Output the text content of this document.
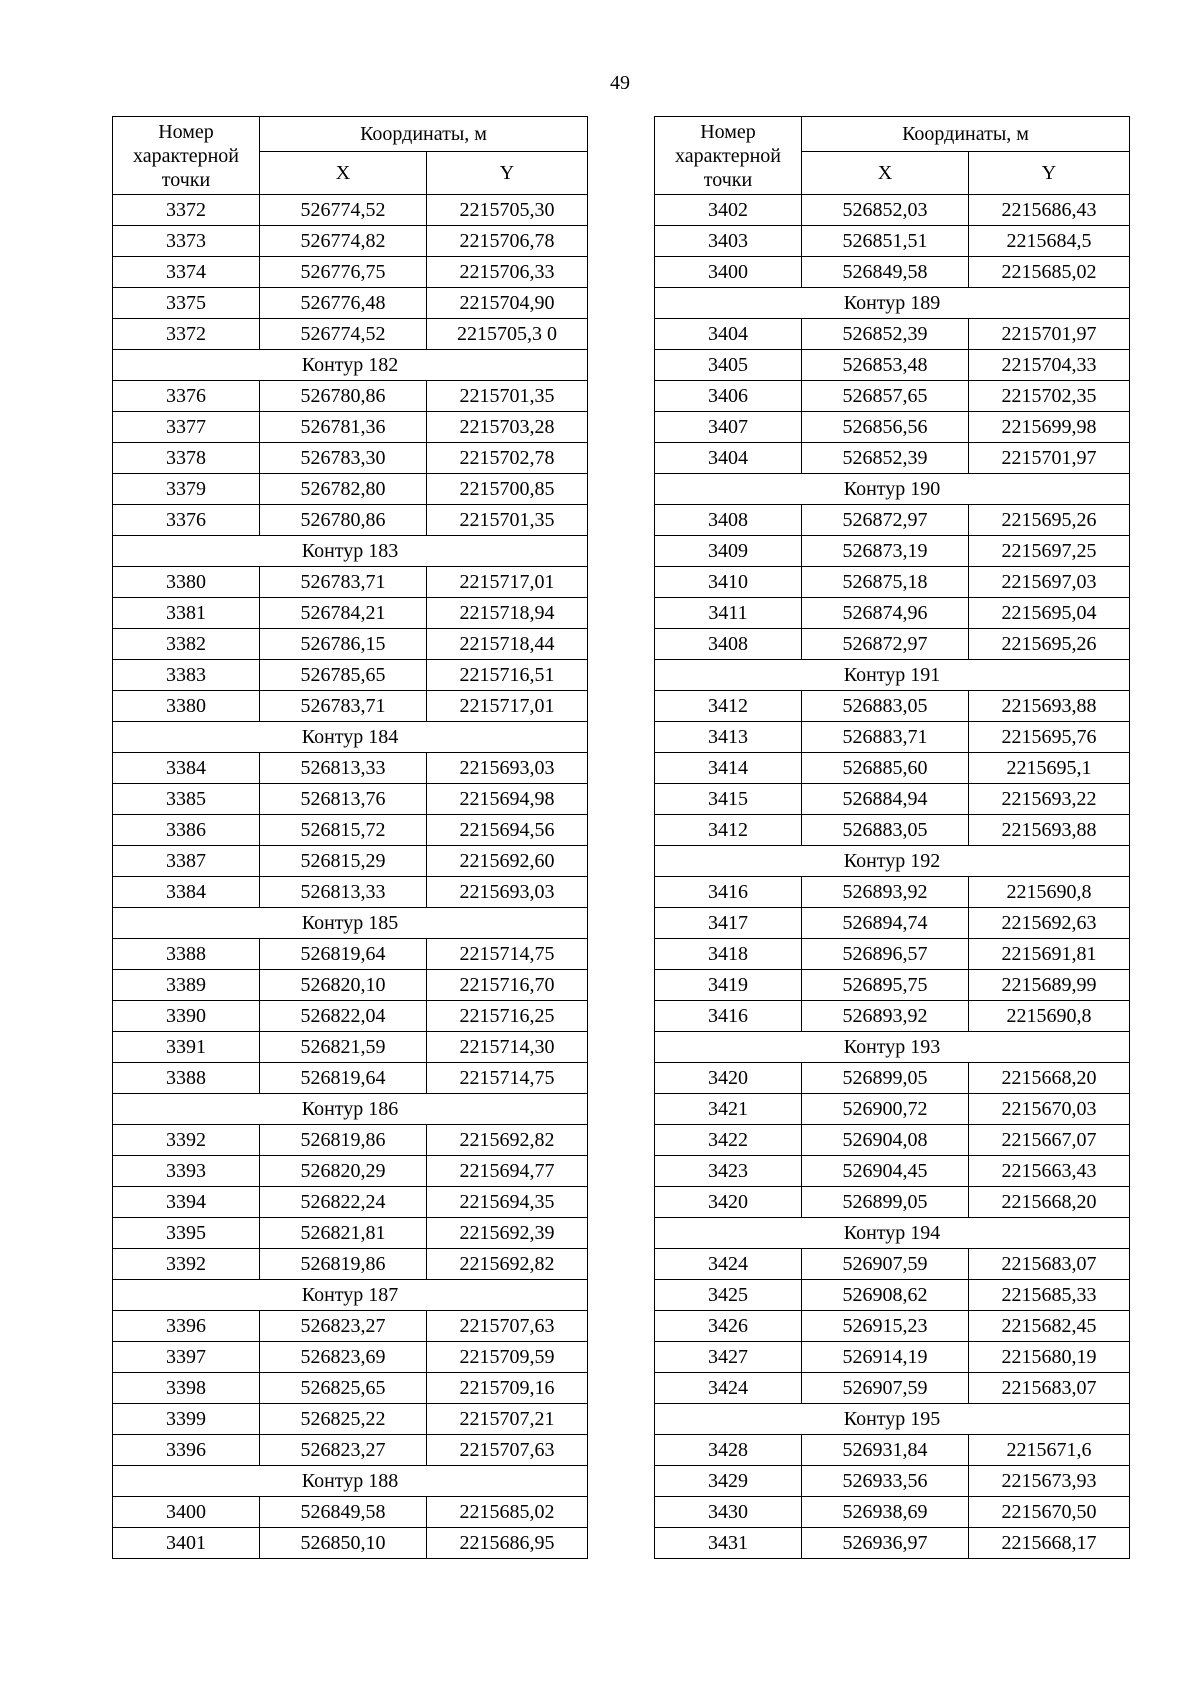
49
Номер характерной точки	Координаты, м	
	X	Y
3372	526774,52	2215705,30
3373	526774,82	2215706,78
3374	526776,75	2215706,33
3375	526776,48	2215704,90
3372	526774,52	2215705,3 0
Контур 182		
3376	526780,86	2215701,35
3377	526781,36	2215703,28
3378	526783,30	2215702,78
3379	526782,80	2215700,85
3376	526780,86	2215701,35
Контур 183		
3380	526783,71	2215717,01
3381	526784,21	2215718,94
3382	526786,15	2215718,44
3383	526785,65	2215716,51
3380	526783,71	2215717,01
Контур 184		
3384	526813,33	2215693,03
3385	526813,76	2215694,98
3386	526815,72	2215694,56
3387	526815,29	2215692,60
3384	526813,33	2215693,03
Контур 185		
3388	526819,64	2215714,75
3389	526820,10	2215716,70
3390	526822,04	2215716,25
3391	526821,59	2215714,30
3388	526819,64	2215714,75
Контур 186		
3392	526819,86	2215692,82
3393	526820,29	2215694,77
3394	526822,24	2215694,35
3395	526821,81	2215692,39
3392	526819,86	2215692,82
Контур 187		
3396	526823,27	2215707,63
3397	526823,69	2215709,59
3398	526825,65	2215709,16
3399	526825,22	2215707,21
3396	526823,27	2215707,63
Контур 188		
3400	526849,58	2215685,02
3401	526850,10	2215686,95
Номер характерной точки	Координаты, м	
	X	Y
3402	526852,03	2215686,43
3403	526851,51	2215684,5
3400	526849,58	2215685,02
Контур 189		
3404	526852,39	2215701,97
3405	526853,48	2215704,33
3406	526857,65	2215702,35
3407	526856,56	2215699,98
3404	526852,39	2215701,97
Контур 190		
3408	526872,97	2215695,26
3409	526873,19	2215697,25
3410	526875,18	2215697,03
3411	526874,96	2215695,04
3408	526872,97	2215695,26
Контур 191		
3412	526883,05	2215693,88
3413	526883,71	2215695,76
3414	526885,60	2215695,1
3415	526884,94	2215693,22
3412	526883,05	2215693,88
Контур 192		
3416	526893,92	2215690,8
3417	526894,74	2215692,63
3418	526896,57	2215691,81
3419	526895,75	2215689,99
3416	526893,92	2215690,8
Контур 193		
3420	526899,05	2215668,20
3421	526900,72	2215670,03
3422	526904,08	2215667,07
3423	526904,45	2215663,43
3420	526899,05	2215668,20
Контур 194		
3424	526907,59	2215683,07
3425	526908,62	2215685,33
3426	526915,23	2215682,45
3427	526914,19	2215680,19
3424	526907,59	2215683,07
Контур 195		
3428	526931,84	2215671,6
3429	526933,56	2215673,93
3430	526938,69	2215670,50
3431	526936,97	2215668,17
